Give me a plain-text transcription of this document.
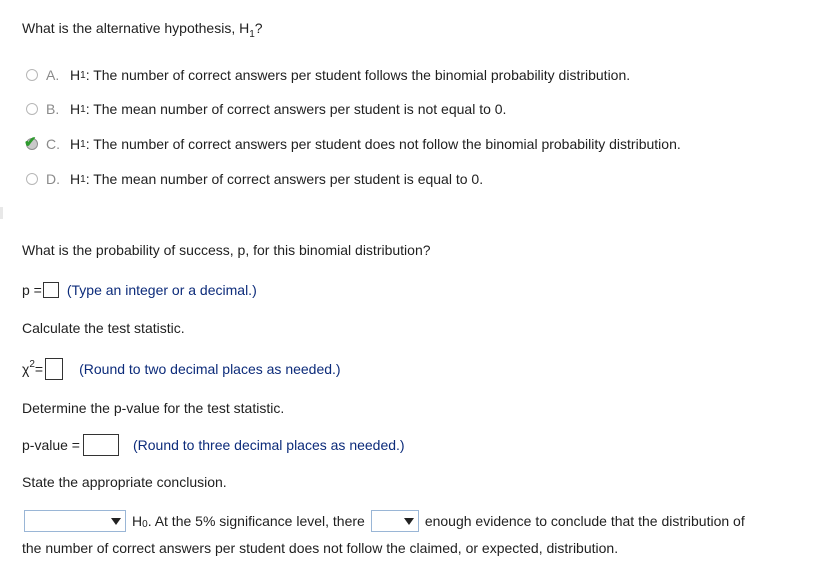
What is the alternative hypothesis, $H_1$?
A. H 1 : The number of correct answers per student follows the binomial probability distribution.
B. H 1 : The mean number of correct answers per student is not equal to 0.
✔ C. H 1 : The number of correct answers per student does not follow the binomial probability distribution.
D. H 1 : The mean number of correct answers per student is equal to 0.
What is the probability of success, p, for this binomial distribution?
p = (Type an integer or a decimal.)
Calculate the test statistic.
$\chi^2$ =	(Round to two decimal places as needed.)
Determine the p-value for the test statistic.
p-value =	(Round to three decimal places as needed.)
State the appropriate conclusion.
$H_0$ . At the 5% significance level, there	enough evidence to conclude that the distribution of
the number of correct answers per student does not follow the claimed, or expected, distribution.
